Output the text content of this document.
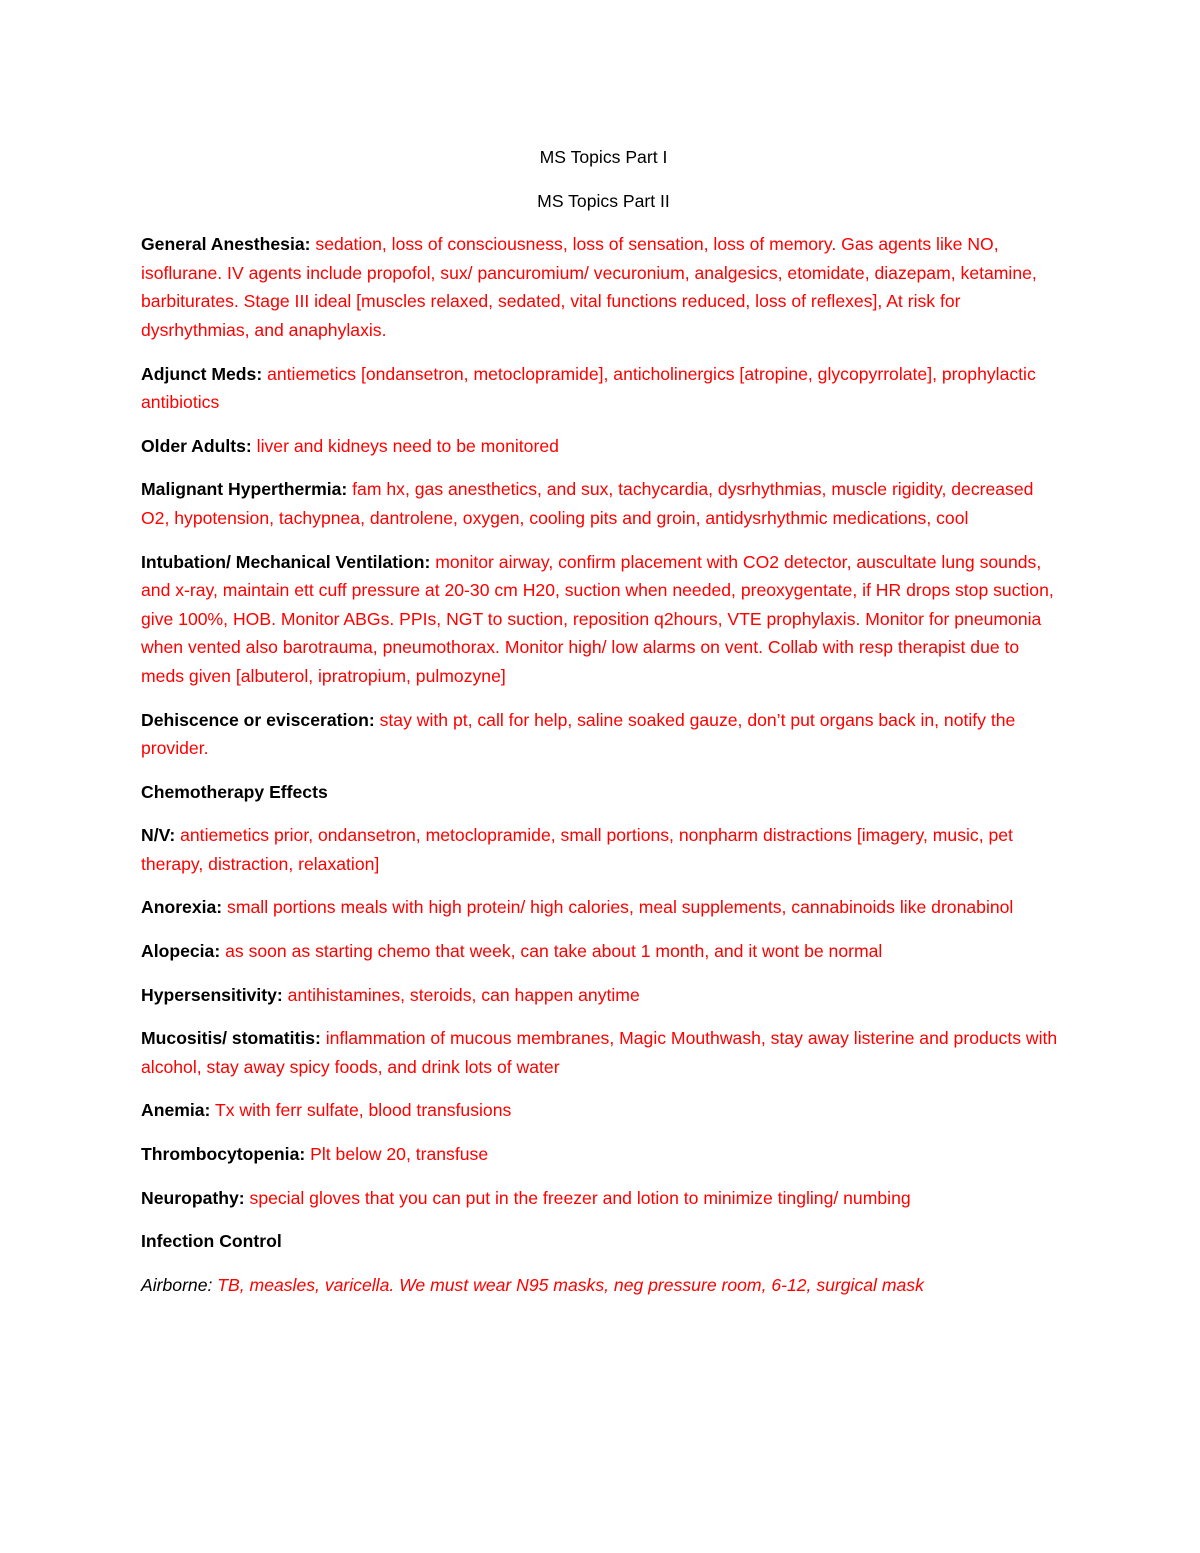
MS Topics Part I
MS Topics Part II
General Anesthesia: sedation, loss of consciousness, loss of sensation, loss of memory. Gas agents like NO, isoflurane. IV agents include propofol, sux/ pancuromium/ vecuronium, analgesics, etomidate, diazepam, ketamine, barbiturates. Stage III ideal [muscles relaxed, sedated, vital functions reduced, loss of reflexes], At risk for dysrhythmias, and anaphylaxis.
Adjunct Meds: antiemetics [ondansetron, metoclopramide], anticholinergics [atropine, glycopyrrolate], prophylactic antibiotics
Older Adults: liver and kidneys need to be monitored
Malignant Hyperthermia: fam hx, gas anesthetics, and sux, tachycardia, dysrhythmias, muscle rigidity, decreased O2, hypotension, tachypnea, dantrolene, oxygen, cooling pits and groin, antidysrhythmic medications, cool
Intubation/ Mechanical Ventilation: monitor airway, confirm placement with CO2 detector, auscultate lung sounds, and x-ray, maintain ett cuff pressure at 20-30 cm H20, suction when needed, preoxygentate, if HR drops stop suction, give 100%, HOB. Monitor ABGs. PPIs, NGT to suction, reposition q2hours, VTE prophylaxis. Monitor for pneumonia when vented also barotrauma, pneumothorax. Monitor high/ low alarms on vent. Collab with resp therapist due to meds given [albuterol, ipratropium, pulmozyne]
Dehiscence or evisceration: stay with pt, call for help, saline soaked gauze, don’t put organs back in, notify the provider.
Chemotherapy Effects
N/V: antiemetics prior, ondansetron, metoclopramide, small portions, nonpharm distractions [imagery, music, pet therapy, distraction, relaxation]
Anorexia: small portions meals with high protein/ high calories, meal supplements, cannabinoids like dronabinol
Alopecia: as soon as starting chemo that week, can take about 1 month, and it wont be normal
Hypersensitivity: antihistamines, steroids, can happen anytime
Mucositis/ stomatitis: inflammation of mucous membranes, Magic Mouthwash, stay away listerine and products with alcohol, stay away spicy foods, and drink lots of water
Anemia: Tx with ferr sulfate, blood transfusions
Thrombocytopenia: Plt below 20, transfuse
Neuropathy: special gloves that you can put in the freezer and lotion to minimize tingling/ numbing
Infection Control
Airborne: TB, measles, varicella. We must wear N95 masks, neg pressure room, 6-12, surgical mask
